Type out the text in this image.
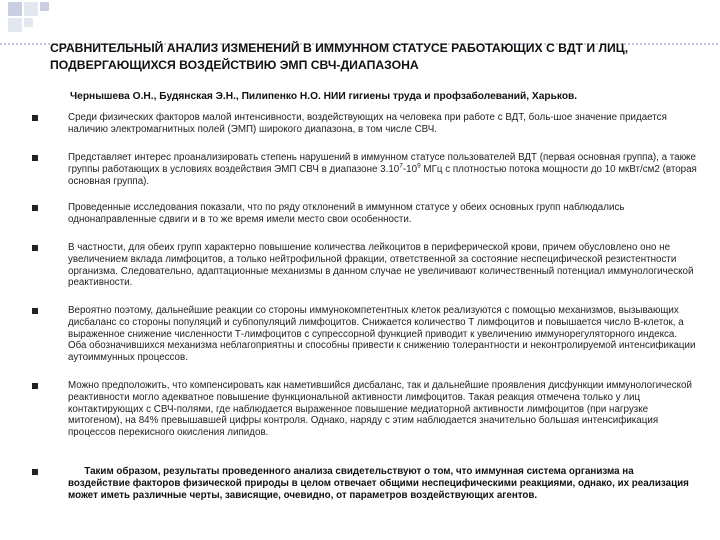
СРАВНИТЕЛЬНЫЙ АНАЛИЗ ИЗМЕНЕНИЙ В ИММУННОМ СТАТУСЕ РАБОТАЮЩИХ С ВДТ И ЛИЦ, ПОДВЕРГАЮЩИХСЯ ВОЗДЕЙСТВИЮ ЭМП СВЧ-ДИАПАЗОНА
Чернышева О.Н., Будянская Э.Н., Пилипенко Н.О. НИИ гигиены труда и профзаболеваний, Харьков.
Среди физических факторов малой интенсивности, воздействующих на человека при работе с ВДТ, боль-шое значение придается наличию электромагнитных полей (ЭМП) широкого диапазона, в том числе СВЧ.
Представляет интерес проанализировать степень нарушений в иммунном статусе пользователей ВДТ (первая основная группа), а также группы работающих в условиях воздействия ЭМП СВЧ в диапазоне $3.10^7-10^9$ МГц с плотностью потока мощности до 10 мкВт/см2 (вторая основная группа).
Проведенные исследования показали, что по ряду отклонений в иммунном статусе у обеих основных групп наблюдались однонаправленные сдвиги и в то же время имели место свои особенности.
В частности, для обеих групп характерно повышение количества лейкоцитов в периферической крови, причем обусловлено оно не увеличением вклада лимфоцитов, а только нейтрофильной фракции, ответственной за состояние неспецифической резистентности организма. Следовательно, адаптационные механизмы в данном случае не увеличивают количественный потенциал иммунологической реактивности.
Вероятно поэтому, дальнейшие реакции со стороны иммунокомпетентных клеток реализуются с помощью механизмов, вызывающих дисбаланс со стороны популяций и субпопуляций лимфоцитов. Снижается количество Т лимфоцитов и повышается число В-клеток, а выраженное снижение численности Т-лимфоцитов с супрессорной функцией приводит к увеличению иммунорегуляторного индекса. Оба обозначившихся механизма неблагоприятны и способны привести к снижению толерантности и неконтролируемой интенсификации аутоиммунных процессов.
Можно предположить, что компенсировать как наметившийся дисбаланс, так и дальнейшие проявления дисфункции иммунологической реактивности могло адекватное повышение функциональной активности лимфоцитов. Такая реакция отмечена только у лиц контактирующих с СВЧ-полями, где наблюдается выраженное повышение медиаторной активности лимфоцитов (при нагрузке митогеном), на 84% превышавшей цифры контроля. Однако, наряду с этим наблюдается значительно большая интенсификация процессов перекисного окисления липидов.
Таким образом, результаты проведенного анализа свидетельствуют о том, что иммунная система организма на воздействие факторов физической природы в целом отвечает общими неспецифическими реакциями, однако, их реализация может иметь различные черты, зависящие, очевидно, от параметров воздействующих агентов.
